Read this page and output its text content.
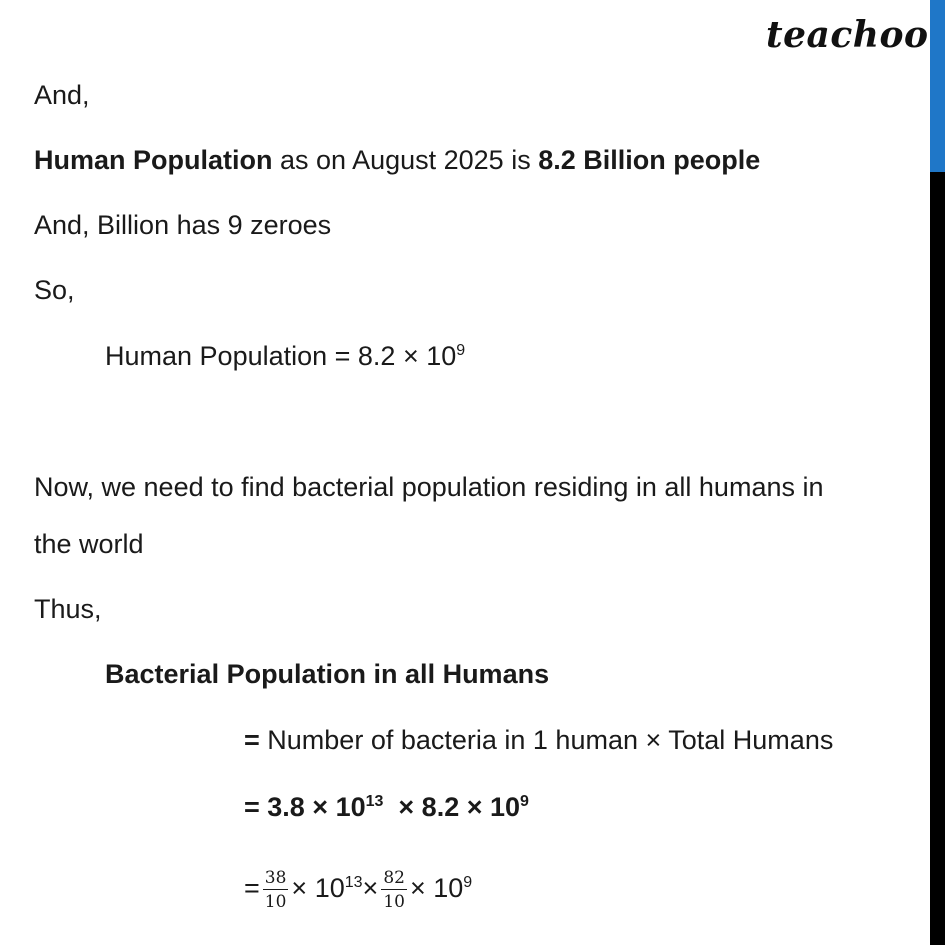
teachoo
And,
Human Population as on August 2025 is 8.2 Billion people
And, Billion has 9 zeroes
So,
Human Population = $8.2 \times 10^9$
Now, we need to find bacterial population residing in all humans in
the world
Thus,
Bacterial Population in all Humans
= Number of bacteria in 1 human × Total Humans
= $3.8 \times 10^{13} \times 8.2 \times 10^9$
= $\frac{38}{10} \times 10^{13}\times \frac{82}{10} \times 10^9$
